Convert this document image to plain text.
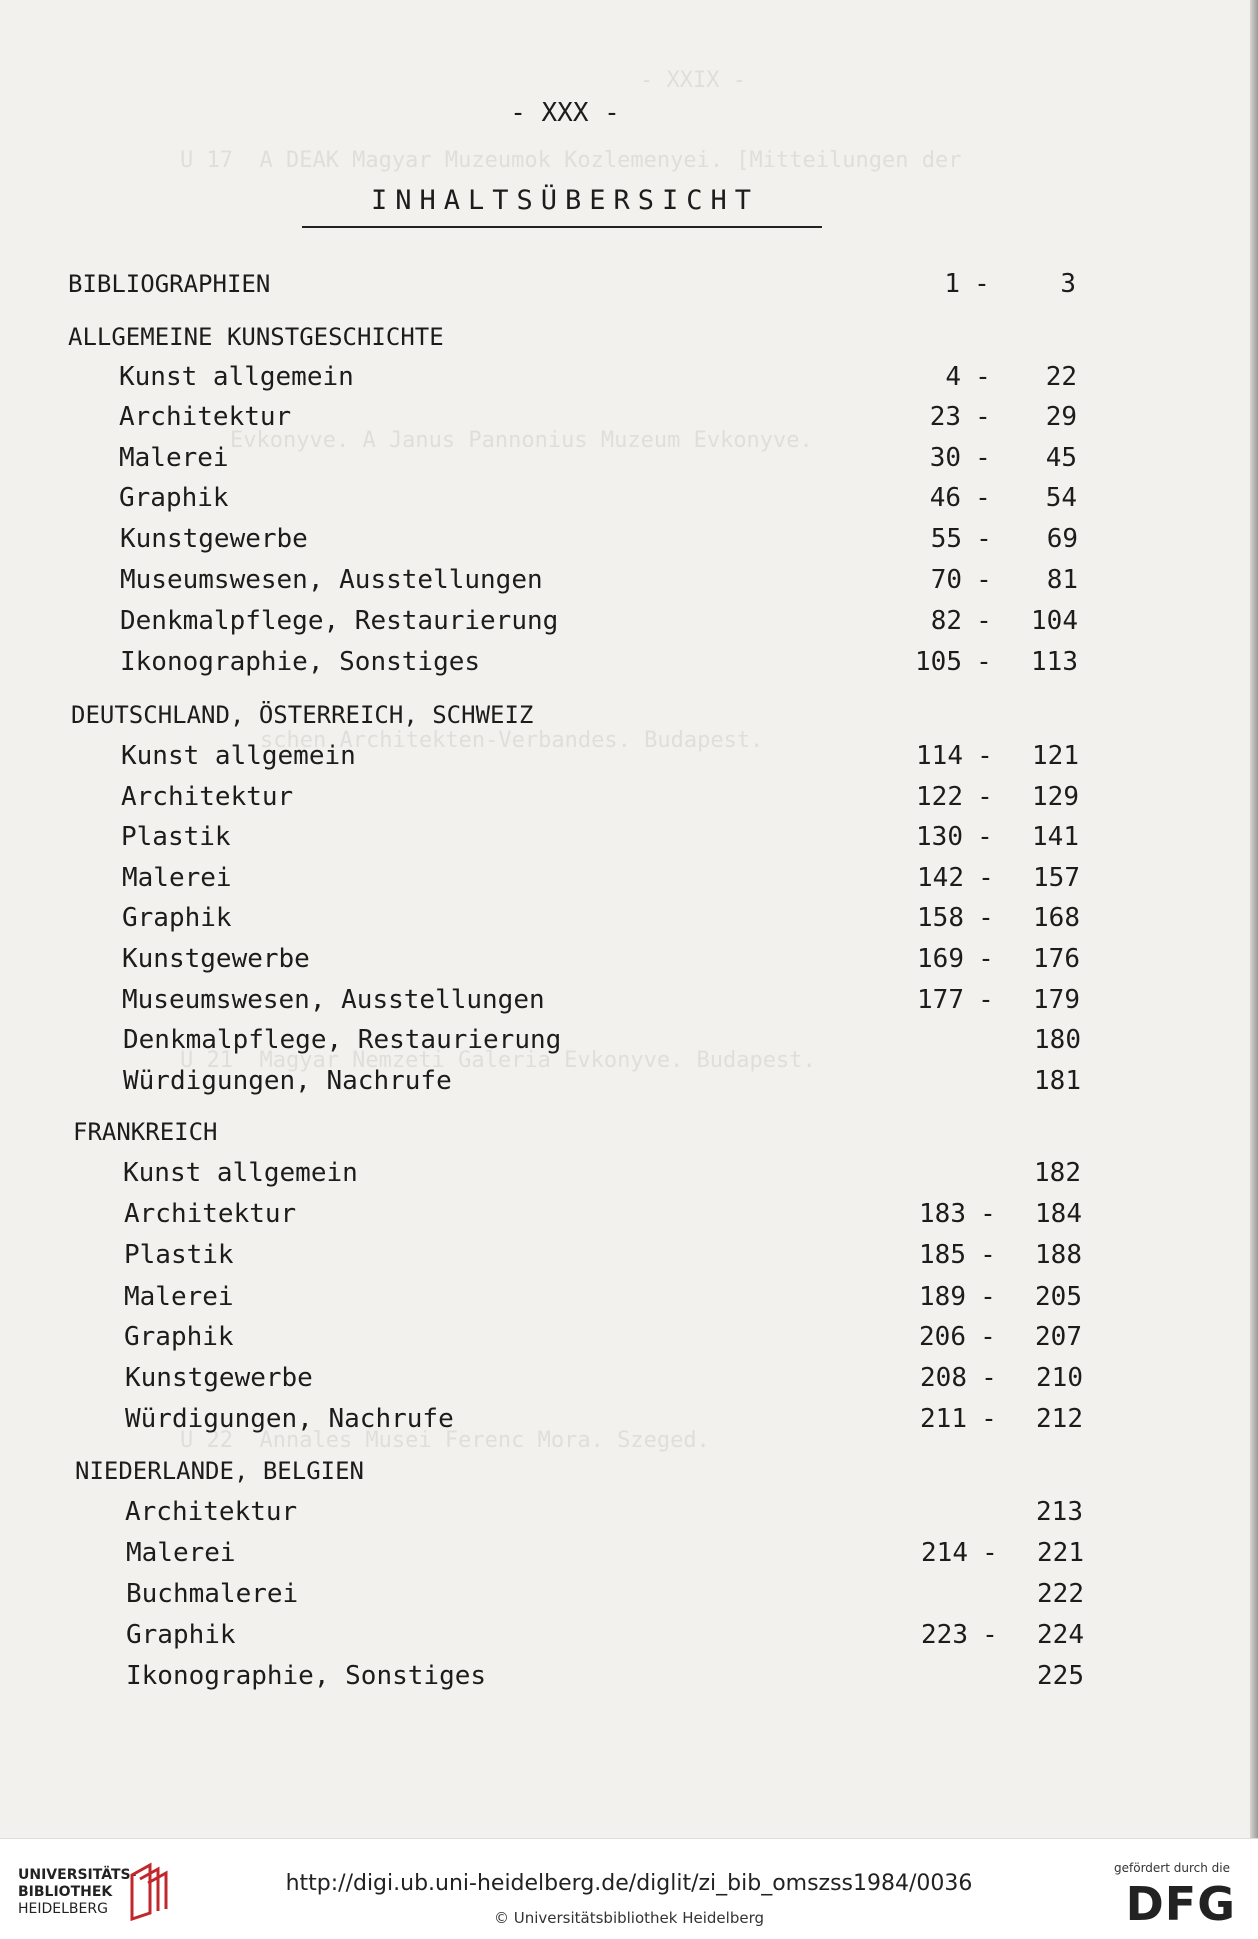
- XXIX -
U 17  A DEAK Magyar Muzeumok Kozlemenyei. [Mitteilungen der
Evkonyve. A Janus Pannonius Muzeum Evkonyve.
schen Architekten-Verbandes. Budapest.
U 21  Magyar Nemzeti Galeria Evkonyve. Budapest.
U 22  Annales Musei Ferenc Mora. Szeged.
- XXX -
INHALTSÜBERSICHT
BIBLIOGRAPHIEN	1 -	3
ALLGEMEINE KUNSTGESCHICHTE
Kunst allgemein	4 - 22
Architektur	23 - 29
Malerei	30 - 45
Graphik	46 - 54
Kunstgewerbe	55 - 69
Museumswesen, Ausstellungen	70 - 81
Denkmalpflege, Restaurierung	82 - 104
Ikonographie, Sonstiges	105 - 113
DEUTSCHLAND, ÖSTERREICH, SCHWEIZ
Kunst allgemein	114 - 121
Architektur	122 - 129
Plastik	130 - 141
Malerei	142 - 157
Graphik	158 - 168
Kunstgewerbe	169 - 176
Museumswesen, Ausstellungen	177 - 179
Denkmalpflege, Restaurierung	180
Würdigungen, Nachrufe	181
FRANKREICH
Kunst allgemein	182
Architektur	183 - 184
Plastik	185 - 188
Malerei	189 - 205
Graphik	206 - 207
Kunstgewerbe	208 - 210
Würdigungen, Nachrufe	211 - 212
NIEDERLANDE, BELGIEN
Architektur	213
Malerei	214 - 221
Buchmalerei	222
Graphik	223 - 224
Ikonographie, Sonstiges	225
UNIVERSITÄTS-
BIBLIOTHEK
HEIDELBERG
http://digi.ub.uni-heidelberg.de/diglit/zi_bib_omszss1984/0036
© Universitätsbibliothek Heidelberg
gefördert durch die
DFG
